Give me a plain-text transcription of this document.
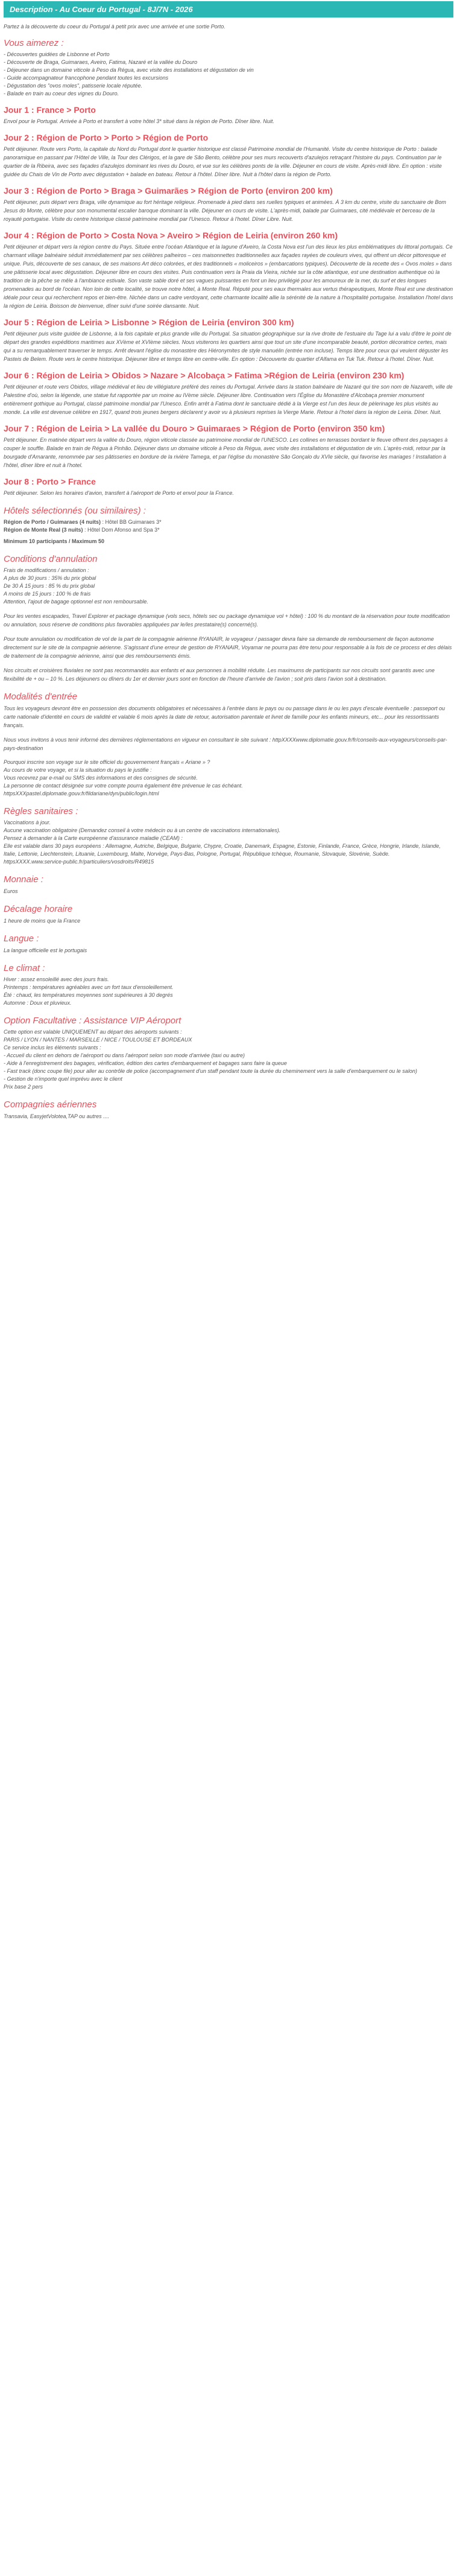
Description - Au Coeur du Portugal - 8J/7N - 2026

Partez à la découverte du coeur du Portugal à petit prix avec une arrivée et une sortie Porto.

Vous aimerez :
- Découvertes guidées de Lisbonne et Porto
- Découverte de Braga, Guimaraes, Aveiro, Fatima, Nazaré et la vallée du Douro
- Déjeuner dans un domaine viticole à Peso da Régua, avec visite des installations et dégustation de vin
- Guide accompagnateur francophone pendant toutes les excursions
- Dégustation des "ovos moles", patisserie locale réputée.
- Balade en train au coeur des vignes du Douro.
Jour 1 : France > Porto

Envol pour le Portugal. Arrivée à Porto et transfert à votre hôtel 3* situé dans la région de Porto. Dîner libre. Nuit.

Jour 2 : Région de Porto > Porto > Région de Porto

Petit déjeuner. Route vers Porto, la capitale du Nord du Portugal dont le quartier historique est classé Patrimoine mondial de l'Humanité. Visite du centre historique de Porto : balade panoramique en passant par l'Hôtel de Ville, la Tour des Clérigos, et la gare de São Bento, célèbre pour ses murs recouverts d'azulejos retraçant l'histoire du pays. Continuation par le quartier de la Ribeira, avec ses façades d'azulejos dominant les rives du Douro, et vue sur les célèbres ponts de la ville. Déjeuner en cours de visite. Après-midi libre. En option : visite guidée du Chais de Vin de Porto avec dégustation + balade en bateau. Retour à l'hôtel. Dîner libre. Nuit à l'hôtel dans la région de Porto.

Jour 3 : Région de Porto > Braga > Guimarães > Région de Porto (environ 200 km)

Petit déjeuner, puis départ vers Braga, ville dynamique au fort héritage religieux. Promenade à pied dans ses ruelles typiques et animées. À 3 km du centre, visite du sanctuaire de Bom Jesus do Monte, célèbre pour son monumental escalier baroque dominant la ville. Déjeuner en cours de visite. L'après-midi, balade par Guimaraes, cité médiévale et berceau de la royauté portugaise. Visite du centre historique classé patrimoine mondial par l'Unesco. Retour à l'hotel. Dîner Libre. Nuit.

Jour 4 : Région de Porto > Costa Nova > Aveiro > Région de Leiria (environ 260 km)

Petit déjeuner et départ vers la région centre du Pays. Située entre l'océan Atlantique et la lagune d'Aveiro, la Costa Nova est l'un des lieux les plus emblématiques du littoral portugais. Ce charmant village balnéaire séduit immédiatement par ses célèbres palheiros – ces maisonnettes traditionnelles aux façades rayées de couleurs vives, qui offrent un décor pittoresque et unique. Puis, découverte de ses canaux, de ses maisons Art déco colorées, et des traditionnels « moliceiros » (embarcations typiques). Découverte de la recette des « Ovos moles » dans une pâtisserie local avec dégustation. Déjeuner libre en cours des visites. Puis continuation vers la Praia da Vieira, nichée sur la côte atlantique, est une destination authentique où la tradition de la pêche se mêle à l'ambiance estivale. Son vaste sable doré et ses vagues puissantes en font un lieu privilégié pour les amoureux de la mer, du surf et des longues promenades au bord de l'océan. Non loin de cette localité, se trouve notre hôtel, à Monte Real. Réputé pour ses eaux thermales aux vertus thérapeutiques, Monte Real est une destination idéale pour ceux qui recherchent repos et bien-être. Nichée dans un cadre verdoyant, cette charmante localité allie la sérénité de la nature à l'hospitalité portugaise. Installation l'hotel dans la région de Leiria. Boisson de bienvenue, dîner suivi d'une soirée dansante. Nuit.

Jour 5 : Région de Leiria > Lisbonne > Région de Leiria (environ 300 km)

Petit déjeuner puis visite guidée de Lisbonne, à la fois capitale et plus grande ville du Portugal. Sa situation géographique sur la rive droite de l'estuaire du Tage lui a valu d'être le point de départ des grandes expéditions maritimes aux XVème et XVIème siècles. Nous visiterons les quartiers ainsi que tout un site d'une incomparable beauté, portion décoratrice certes, mais qui a su remarquablement traverser le temps. Arrêt devant l'église du monastère des Hiéronymites de style manuélin (entrée non incluse). Temps libre pour ceux qui veulent déguster les Pasteis de Belem. Route vers le centre historique. Déjeuner libre et temps libre en centre-ville. En option : Découverte du quartier d'Alfama en Tuk Tuk. Retour à l'hotel. Dîner. Nuit.

Jour 6 : Région de Leiria > Obidos > Nazare > Alcobaça > Fatima >Région de Leiria (environ 230 km)

Petit déjeuner et route vers Obidos, village médiéval et lieu de villégiature préféré des reines du Portugal. Arrivée dans la station balnéaire de Nazaré qui tire son nom de Nazareth, ville de Palestine d'où, selon la légende, une statue fut rapportée par un moine au IVème siècle. Déjeuner libre. Continuation vers l'Église du Monastère d'Alcobaça premier monument entièrement gothique au Portugal, classé patrimoine mondial par l'Unesco. Enfin arrêt à Fatima dont le sanctuaire dédié à la Vierge est l'un des lieux de pèlerinage les plus visités au monde. La ville est devenue célèbre en 1917, quand trois jeunes bergers déclarent y avoir vu à plusieurs reprises la Vierge Marie. Retour à l'hotel dans la région de Leiria. Dîner. Nuit.

Jour 7 : Région de Leiria > La vallée du Douro > Guimaraes > Région de Porto (environ 350 km)

Petit déjeuner. En matinée départ vers la vallée du Douro, région viticole classée au patrimoine mondial de l'UNESCO. Les collines en terrasses bordant le fleuve offrent des paysages à couper le souffle. Balade en train de Régua à Pinhão. Déjeuner dans un domaine viticole à Peso da Régua, avec visite des installations et dégustation de vin. L'après-midi, retour par la bourgade d'Amarante, renommée par ses pâtisseries en bordure de la rivière Tamega, et par l'église du monastère São Gonçalo du XVIe siècle, qui favorise les mariages ! Installation à l'hôtel, dîner libre et nuit à l'hotel.

Jour 8 : Porto > France

Petit déjeuner. Selon les horaires d'avion, transfert à l'aéroport de Porto et envol pour la France.

Hôtels sélectionnés (ou similaires) :

Région de Porto / Guimaraes (4 nuits) : Hôtel BB Guimaraes 3*

Région de Monte Real (3 nuits) : Hôtel Dom Afonso and Spa 3*

Minimum 10 participants / Maximum 50

Conditions d'annulation
Frais de modifications / annulation :
A plus de 30 jours : 35% du prix global
De 30 À 15 jours : 85 % du prix global
A moins de 15 jours : 100 % de frais
Attention, l'ajout de bagage optionnel est non remboursable.

Pour les ventes escapades, Travel Explorer et package dynamique (vols secs, hôtels sec ou package dynamique vol + hôtel) : 100 % du montant de la réservation pour toute modification ou annulation, sous réserve de conditions plus favorables appliquées par le/les prestataire(s) concerné(s).

Pour toute annulation ou modification de vol de la part de la compagnie aérienne RYANAIR, le voyageur / passager devra faire sa demande de remboursement de façon autonome directement sur le site de la compagnie aérienne. S'agissant d'une erreur de gestion de RYANAIR, Voyamar ne pourra pas être tenu pour responsable à la fois de ce process et des délais de traitement de la compagnie aérienne, ainsi que des remboursements émis.

Nos circuits et croisières fluviales ne sont pas recommandés aux enfants et aux personnes à mobilité réduite. Les maximums de participants sur nos circuits sont garantis avec une flexibilité de + ou – 10 %. Les déjeuners ou dîners du 1er et dernier jours sont en fonction de l'heure d'arrivée de l'avion ; soit pris dans l'avion soit à destination.

Modalités d'entrée

Tous les voyageurs devront être en possession des documents obligatoires et nécessaires à l'entrée dans le pays ou ou passage dans le ou les pays d'escale éventuelle : passeport ou carte nationale d'identité en cours de validité et valable 6 mois après la date de retour, autorisation parentale et livret de famille pour les enfants mineurs, etc... pour les ressortissants français.

Nous vous invitons à vous tenir informé des dernières réglementations en vigueur en consultant le site suivant : httpXXXXwww.diplomatie.gouv.fr/fr/conseils-aux-voyageurs/conseils-par-pays-destination

Pourquoi inscrire son voyage sur le site officiel du gouvernement français « Ariane » ?
Au cours de votre voyage, et si la situation du pays le justifie :
Vous recevrez par e-mail ou SMS des informations et des consignes de sécurité.
La personne de contact désignée sur votre compte pourra également être prévenue le cas échéant.
httpsXXXpastel.diplomatie.gouv.fr/fildariane/dyn/public/login.html
Règles sanitaires :
Vaccinations à jour.
Aucune vaccination obligatoire (Demandez conseil à votre médecin ou à un centre de vaccinations internationales).
Pensez à demander à la Carte européenne d'assurance maladie (CEAM) :
Elle est valable dans 30 pays européens : Allemagne, Autriche, Belgique, Bulgarie, Chypre, Croatie, Danemark, Espagne, Estonie, Finlande, France, Grèce, Hongrie, Irlande, Islande, Italie, Lettonie, Liechtenstein, Lituanie, Luxembourg, Malte, Norvège, Pays-Bas, Pologne, Portugal, République tchèque, Roumanie, Slovaquie, Slovénie, Suède.
httpsXXXX.www.service-public.fr/particuliers/vosdroits/R49815
Monnaie :

Euros

Décalage horaire

1 heure de moins que la France

Langue :

La langue officielle est le portugais

Le climat :
Hiver : assez ensoleillé avec des jours frais.
Printemps : températures agréables avec un fort taux d'ensoleillement.
Été : chaud, les températures moyennes sont supérieures à 30 degrés
Automne : Doux et pluvieux.
Option Facultative : Assistance VIP Aéroport
Cette option est valable UNIQUEMENT au départ des aéroports suivants :
PARIS / LYON / NANTES / MARSEILLE / NICE / TOULOUSE ET BORDEAUX
Ce service inclus les éléments suivants :
- Accueil du client en dehors de l'aéroport ou dans l'aéroport selon son mode d'arrivée (taxi ou autre)
- Aide à l'enregistrement des bagages, vérification, édition des cartes d'embarquement et bagages sans faire la queue
- Fast track (donc coupe file) pour aller au contrôle de police (accompagnement d'un staff pendant toute la durée du cheminement vers la salle d'embarquement ou le salon)
- Gestion de n'importe quel imprévu avec le client
Prix base 2 pers
Compagnies aériennes

Transavia, EasyjetVolotea,TAP ou autres ....
